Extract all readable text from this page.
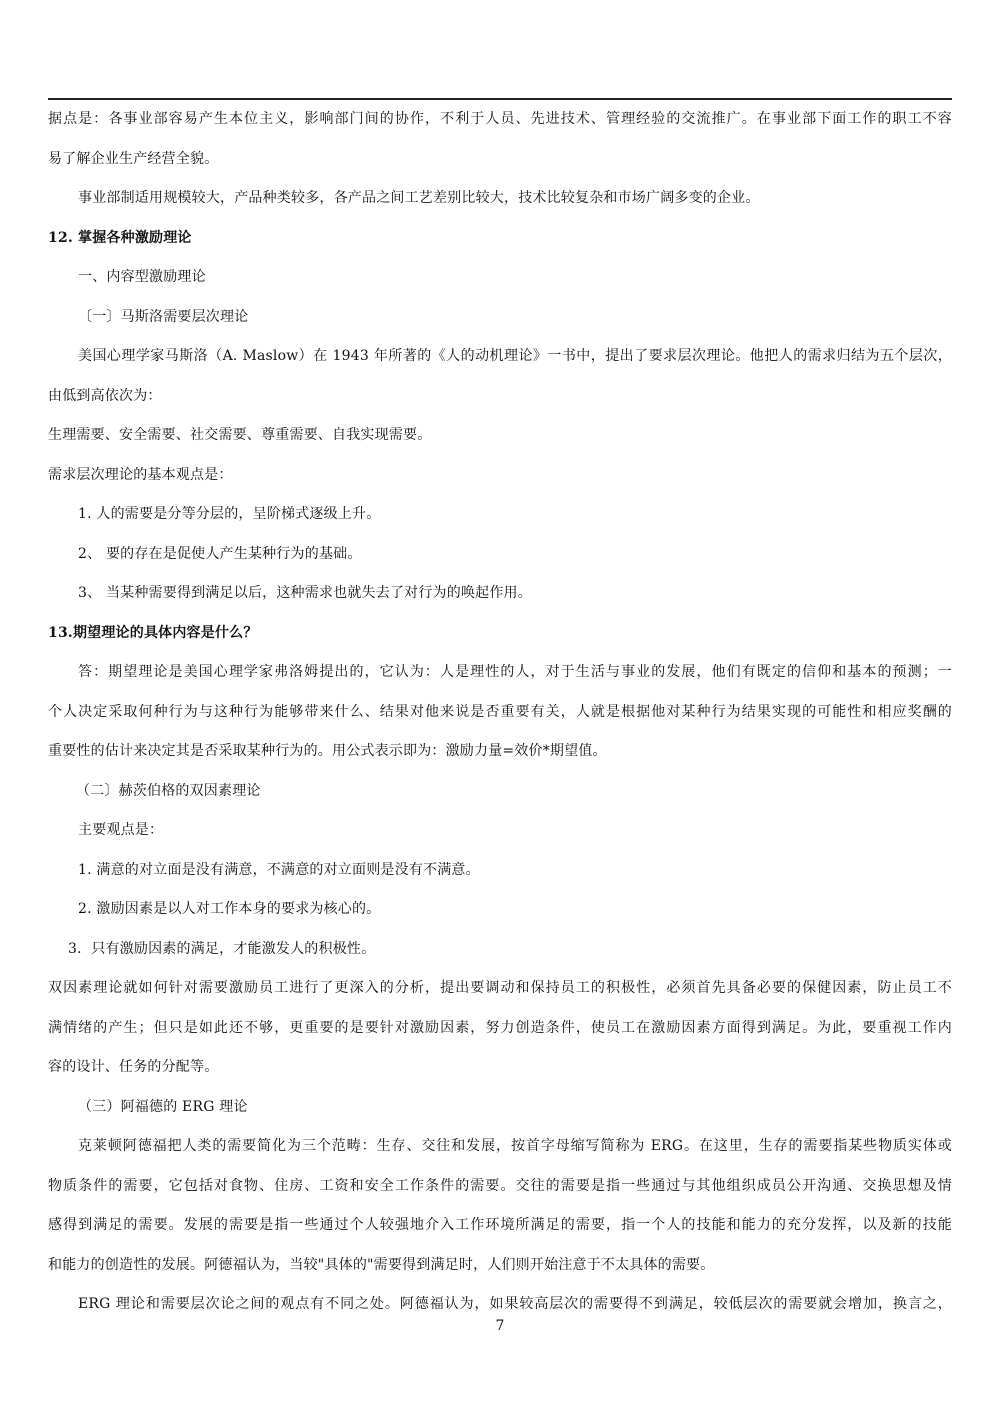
据点是：各事业部容易产生本位主义，影响部门间的协作，不利于人员、先进技术、管理经验的交流推广。在事业部下面工作的职工不容
易了解企业生产经营全貌。
事业部制适用规模较大，产品种类较多，各产品之间工艺差别比较大，技术比较复杂和市场广阔多变的企业。
12. 掌握各种激励理论
一、内容型激励理论
〔一〕马斯洛需要层次理论
美国心理学家马斯洛（A. Maslow）在 1943 年所著的《人的动机理论》一书中，提出了要求层次理论。他把人的需求归结为五个层次，
由低到高依次为：
生理需要、安全需要、社交需要、尊重需要、自我实现需要。
需求层次理论的基本观点是：
1. 人的需要是分等分层的，呈阶梯式逐级上升。
2、 要的存在是促使人产生某种行为的基础。
3、 当某种需要得到满足以后，这种需求也就失去了对行为的唤起作用。
13.期望理论的具体内容是什么？
答：期望理论是美国心理学家弗洛姆提出的，它认为：人是理性的人，对于生活与事业的发展，他们有既定的信仰和基本的预测；一
个人决定采取何种行为与这种行为能够带来什么、结果对他来说是否重要有关，人就是根据他对某种行为结果实现的可能性和相应奖酬的
重要性的估计来决定其是否采取某种行为的。用公式表示即为：激励力量=效价*期望值。
（二〕赫茨伯格的双因素理论
主要观点是：
1. 满意的对立面是没有满意，不满意的对立面则是没有不满意。
2. 激励因素是以人对工作本身的要求为核心的。
3．只有激励因素的满足，才能激发人的积极性。
双因素理论就如何针对需要激励员工进行了更深入的分析，提出要调动和保持员工的积极性，必须首先具备必要的保健因素，防止员工不
满情绪的产生；但只是如此还不够，更重要的是要针对激励因素，努力创造条件，使员工在激励因素方面得到满足。为此，要重视工作内
容的设计、任务的分配等。
（三）阿福德的 ERG 理论
克莱顿阿德福把人类的需要简化为三个范畴：生存、交往和发展，按首字母缩写简称为 ERG。在这里，生存的需要指某些物质实体或
物质条件的需要，它包括对食物、住房、工资和安全工作条件的需要。交往的需要是指一些通过与其他组织成员公开沟通、交换思想及情
感得到满足的需要。发展的需要是指一些通过个人较强地介入工作环境所满足的需要，指一个人的技能和能力的充分发挥，以及新的技能
和能力的创造性的发展。阿德福认为，当较"具体的"需要得到满足时，人们则开始注意于不太具体的需要。
ERG 理论和需要层次论之间的观点有不同之处。阿德福认为，如果较高层次的需要得不到满足，较低层次的需要就会增加，换言之，
7
